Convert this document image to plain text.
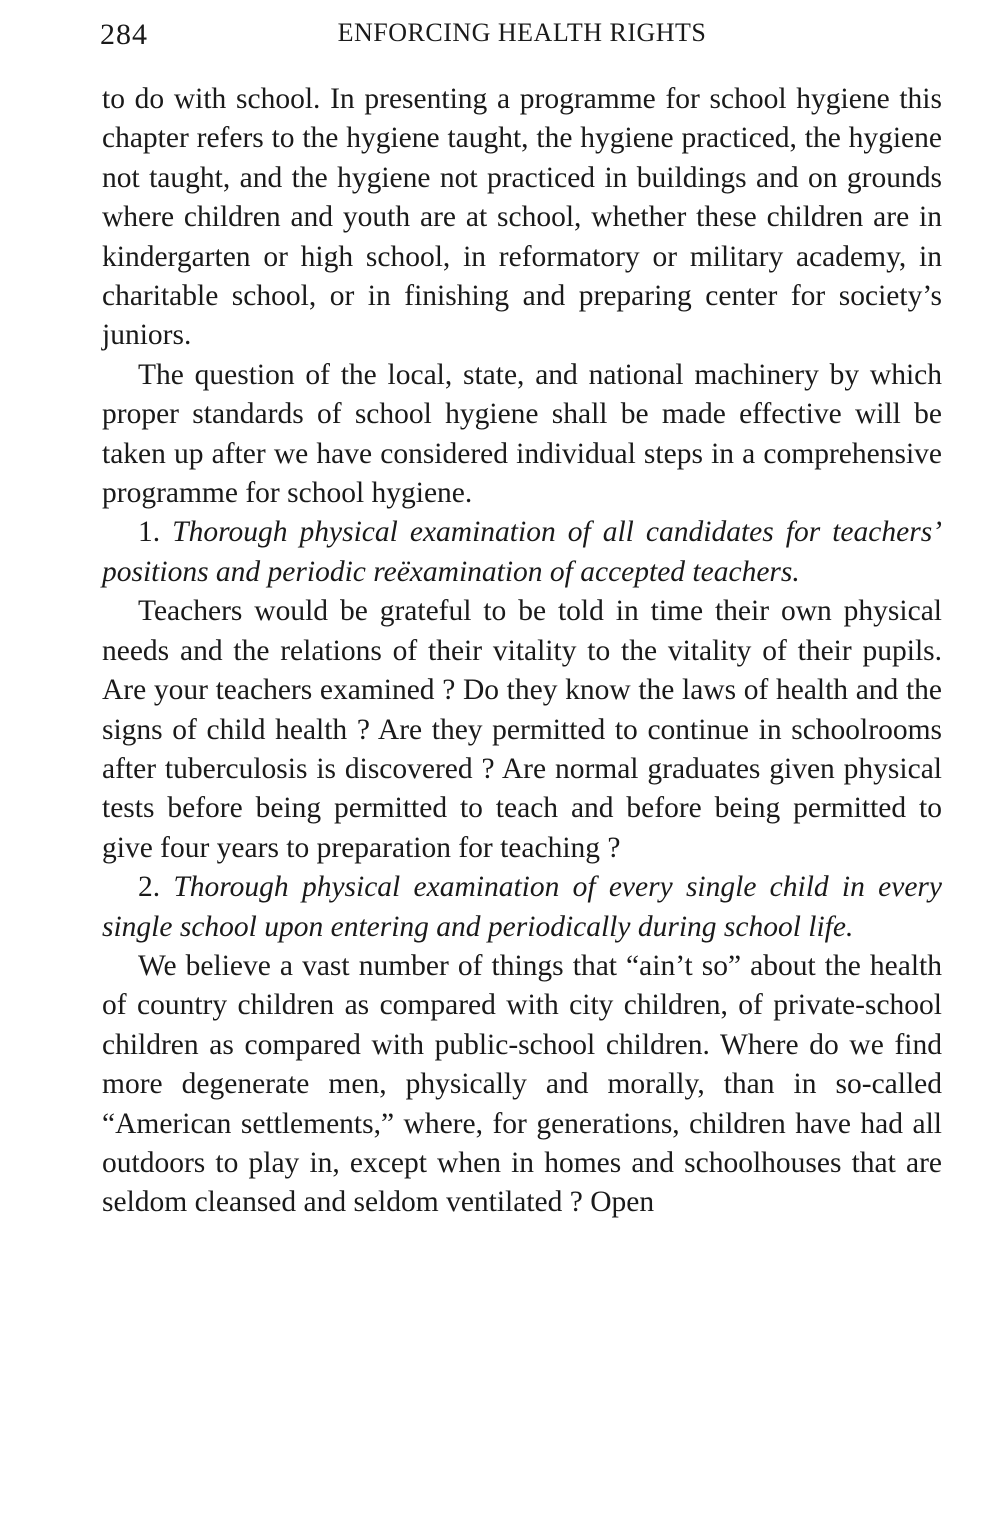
284	ENFORCING HEALTH RIGHTS

to do with school. In presenting a programme for school hygiene this chapter refers to the hygiene taught, the hygiene practiced, the hygiene not taught, and the hygiene not practiced in buildings and on grounds where children and youth are at school, whether these children are in kindergarten or high school, in reformatory or military academy, in charitable school, or in finishing and preparing center for society’s juniors.

The question of the local, state, and national machinery by which proper standards of school hygiene shall be made effective will be taken up after we have considered individual steps in a comprehensive programme for school hygiene.

1. Thorough physical examination of all candidates for teachers’ positions and periodic reëxamination of accepted teachers.

Teachers would be grateful to be told in time their own physical needs and the relations of their vitality to the vitality of their pupils. Are your teachers examined ? Do they know the laws of health and the signs of child health ? Are they permitted to continue in schoolrooms after tuberculosis is discovered ? Are normal graduates given physical tests before being permitted to teach and before being permitted to give four years to preparation for teaching ?

2. Thorough physical examination of every single child in every single school upon entering and periodically during school life.

We believe a vast number of things that “ain’t so” about the health of country children as compared with city children, of private-school children as compared with public-school children. Where do we find more degenerate men, physically and morally, than in so-called “American settlements,” where, for generations, children have had all outdoors to play in, except when in homes and schoolhouses that are seldom cleansed and seldom ventilated ? Open
